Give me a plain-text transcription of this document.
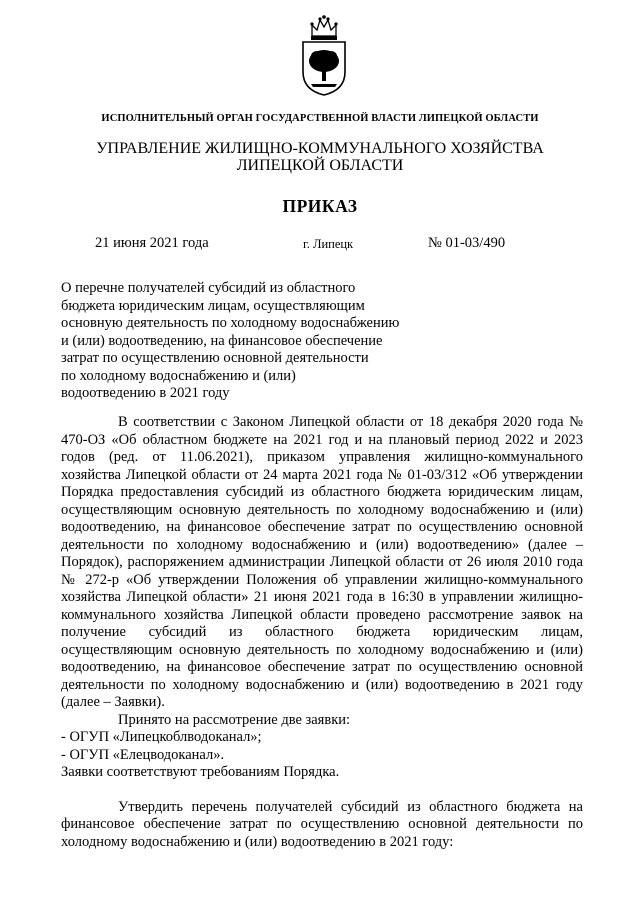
ИСПОЛНИТЕЛЬНЫЙ ОРГАН ГОСУДАРСТВЕННОЙ ВЛАСТИ ЛИПЕЦКОЙ ОБЛАСТИ
УПРАВЛЕНИЕ ЖИЛИЩНО-КОММУНАЛЬНОГО ХОЗЯЙСТВА
ЛИПЕЦКОЙ ОБЛАСТИ
ПРИКАЗ
21 июня 2021 года	г. Липецк	№ 01-03/490
О перечне получателей субсидий из областного
бюджета юридическим лицам, осуществляющим
основную деятельность по холодному водоснабжению
и (или) водоотведению, на финансовое обеспечение
затрат по осуществлению основной деятельности
по холодному водоснабжению и (или)
водоотведению в 2021 году

В соответствии с Законом Липецкой области от 18 декабря 2020 года № 470-ОЗ «Об областном бюджете на 2021 год и на плановый период 2022 и 2023 годов (ред. от 11.06.2021), приказом управления жилищно-коммунального хозяйства Липецкой области от 24 марта 2021 года № 01-03/312 «Об утверждении Порядка предоставления субсидий из областного бюджета юридическим лицам, осуществляющим основную деятельность по холодному водоснабжению и (или) водоотведению, на финансовое обеспечение затрат по осуществлению основной деятельности по холодному водоснабжению и (или) водоотведению» (далее – Порядок), распоряжением администрации Липецкой области от 26 июля 2010 года № 272-р «Об утверждении Положения об управлении жилищно-коммунального хозяйства Липецкой области» 21 июня 2021 года в 16:30 в управлении жилищно-коммунального хозяйства Липецкой области проведено рассмотрение заявок на получение субсидий из областного бюджета юридическим лицам, осуществляющим основную деятельность по холодному водоснабжению и (или) водоотведению, на финансовое обеспечение затрат по осуществлению основной деятельности по холодному водоснабжению и (или) водоотведению в 2021 году (далее – Заявки).

Принято на рассмотрение две заявки:

- ОГУП «Липецкоблводоканал»;

- ОГУП «Елецводоканал».

Заявки соответствуют требованиям Порядка.

Утвердить перечень получателей субсидий из областного бюджета на финансовое обеспечение затрат по осуществлению основной деятельности по холодному водоснабжению и (или) водоотведению в 2021 году:
